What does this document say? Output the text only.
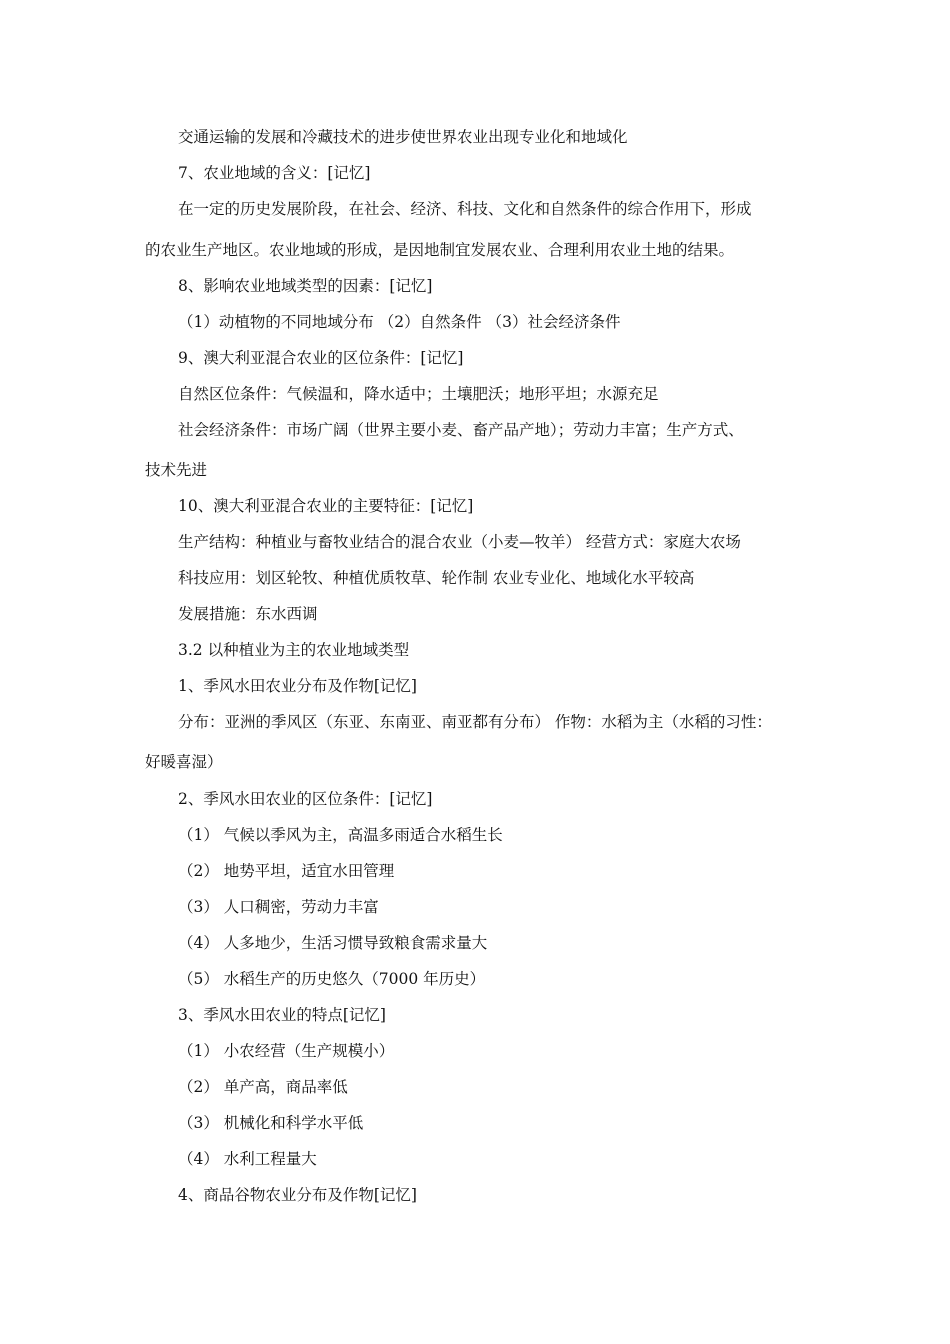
交通运输的发展和冷藏技术的进步使世界农业出现专业化和地域化
7、农业地域的含义：[记忆]
在一定的历史发展阶段，在社会、经济、科技、文化和自然条件的综合作用下，形成
的农业生产地区。农业地域的形成，是因地制宜发展农业、合理利用农业土地的结果。
8、影响农业地域类型的因素：[记忆]
（1）动植物的不同地域分布 （2）自然条件 （3）社会经济条件
9、澳大利亚混合农业的区位条件：[记忆]
自然区位条件：气候温和，降水适中；土壤肥沃；地形平坦；水源充足
社会经济条件：市场广阔（世界主要小麦、畜产品产地）；劳动力丰富；生产方式、
技术先进
10、澳大利亚混合农业的主要特征：[记忆]
生产结构：种植业与畜牧业结合的混合农业（小麦—牧羊） 经营方式：家庭大农场
科技应用：划区轮牧、种植优质牧草、轮作制 农业专业化、地域化水平较高
发展措施：东水西调
3.2 以种植业为主的农业地域类型
1、季风水田农业分布及作物[记忆]
分布：亚洲的季风区（东亚、东南亚、南亚都有分布） 作物：水稻为主（水稻的习性：
好暖喜湿）
2、季风水田农业的区位条件：[记忆]
（1） 气候以季风为主，高温多雨适合水稻生长
（2） 地势平坦，适宜水田管理
（3） 人口稠密，劳动力丰富
（4） 人多地少，生活习惯导致粮食需求量大
（5） 水稻生产的历史悠久（7000 年历史）
3、季风水田农业的特点[记忆]
（1） 小农经营（生产规模小）
（2） 单产高，商品率低
（3） 机械化和科学水平低
（4） 水利工程量大
4、商品谷物农业分布及作物[记忆]
